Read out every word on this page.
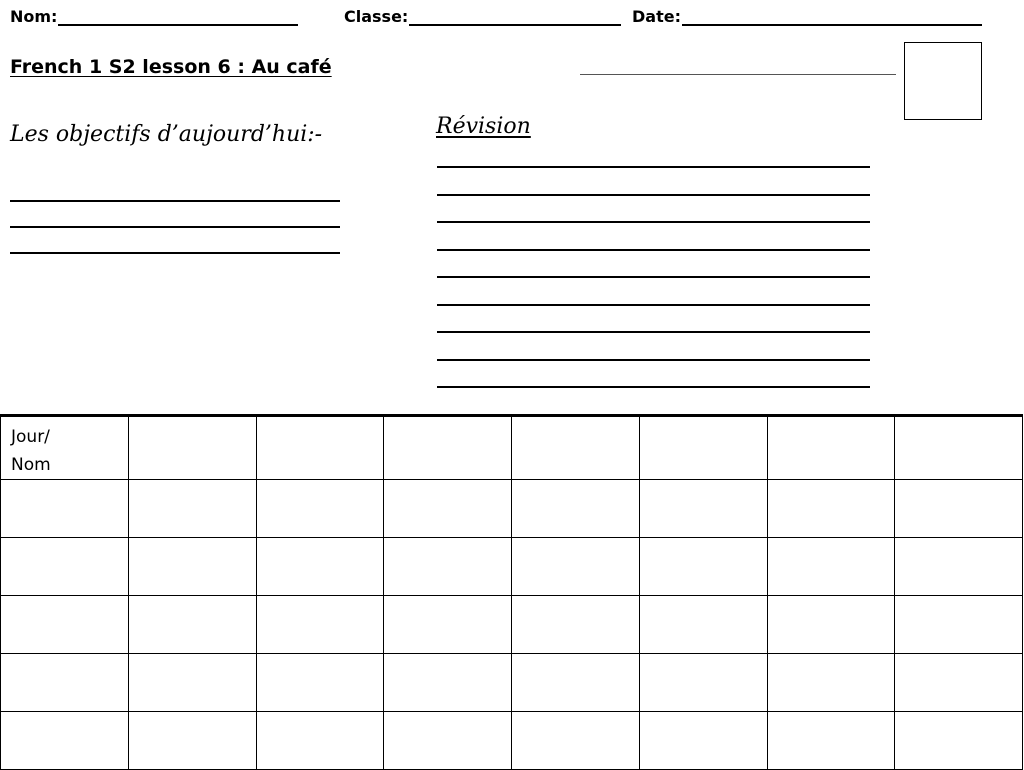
Nom:	Classe:	Date:
French 1 S2 lesson 6 : Au café
Les objectifs d’aujourd’hui:-	Révision
Jour/
Nom							
